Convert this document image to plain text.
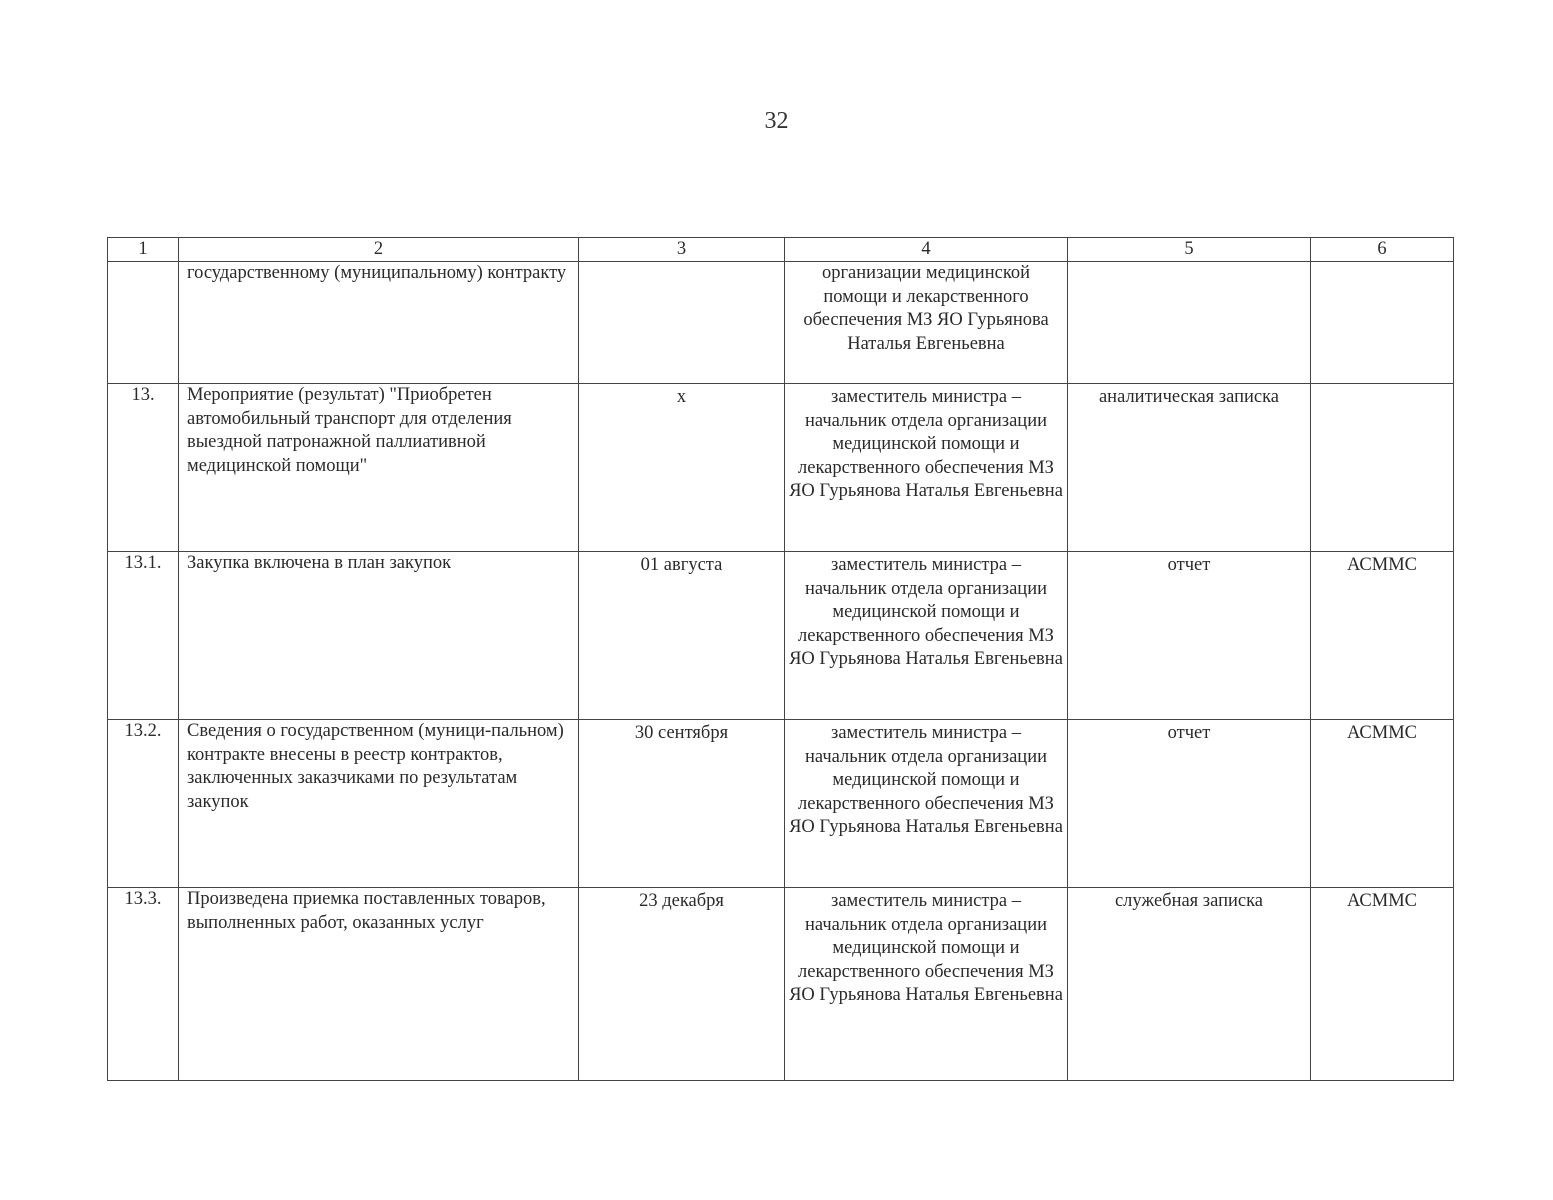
32
1	2	3	4	5	6
	государственному (муниципальному) контракту		организации медицинской помощи и лекарственного обеспечения МЗ ЯО Гурьянова Наталья Евгеньевна		
13.	Мероприятие (результат) "Приобретен автомобильный транспорт для отделения выездной патронажной паллиативной медицинской помощи"	x	заместитель министра – начальник отдела организации медицинской помощи и лекарственного обеспечения МЗ ЯО Гурьянова Наталья Евгеньевна	аналитическая записка	
13.1.	Закупка включена в план закупок	01 августа	заместитель министра – начальник отдела организации медицинской помощи и лекарственного обеспечения МЗ ЯО Гурьянова Наталья Евгеньевна	отчет	АСММС
13.2.	Сведения о государственном (муници-пальном) контракте внесены в реестр контрактов, заключенных заказчиками по результатам закупок	30 сентября	заместитель министра – начальник отдела организации медицинской помощи и лекарственного обеспечения МЗ ЯО Гурьянова Наталья Евгеньевна	отчет	АСММС
13.3.	Произведена приемка поставленных товаров, выполненных работ, оказанных услуг	23 декабря	заместитель министра – начальник отдела организации медицинской помощи и лекарственного обеспечения МЗ ЯО Гурьянова Наталья Евгеньевна	служебная записка	АСММС
